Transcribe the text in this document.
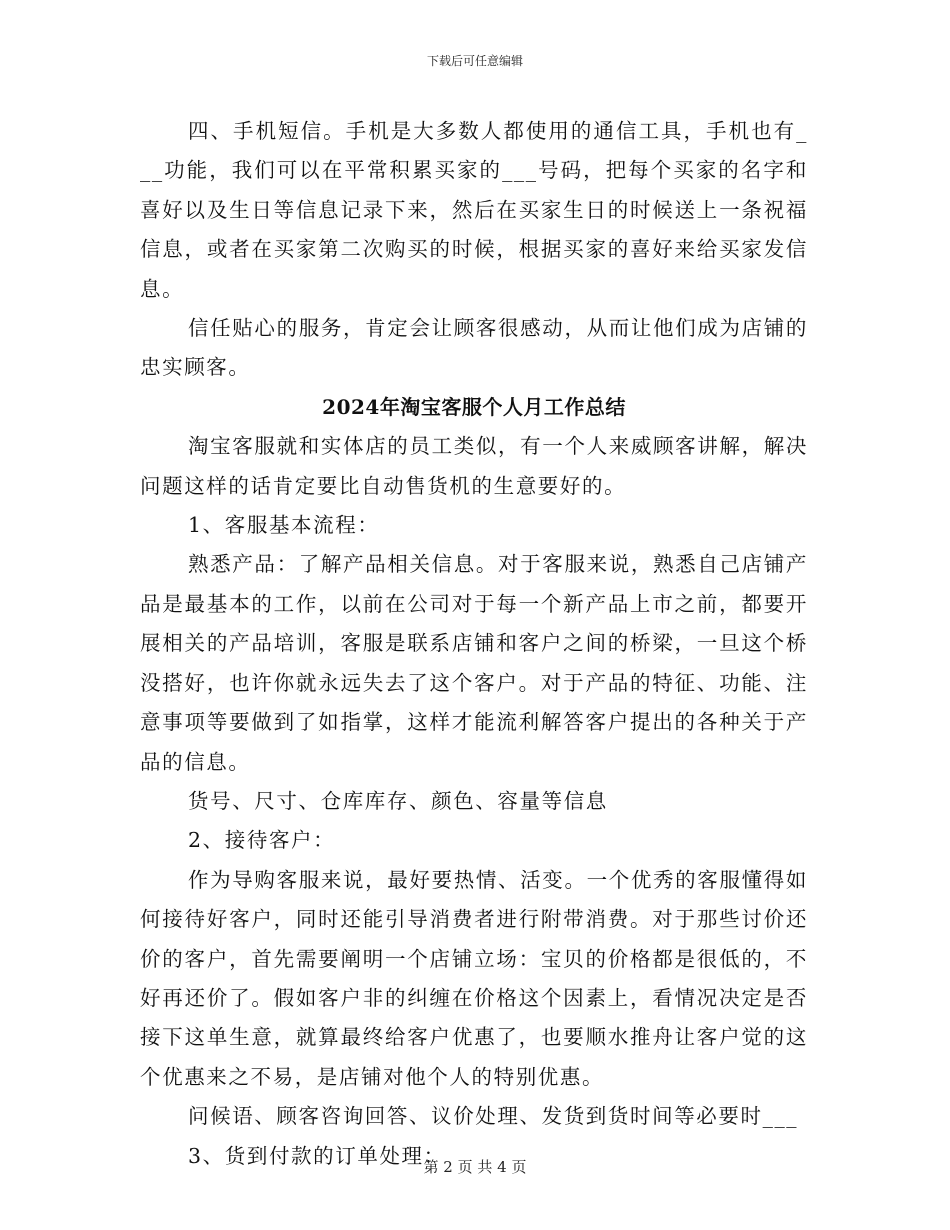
下载后可任意编辑

四、手机短信。手机是大多数人都使用的通信工具，手机也有___功能，我们可以在平常积累买家的___号码，把每个买家的名字和喜好以及生日等信息记录下来，然后在买家生日的时候送上一条祝福信息，或者在买家第二次购买的时候，根据买家的喜好来给买家发信息。

信任贴心的服务，肯定会让顾客很感动，从而让他们成为店铺的忠实顾客。

2024年淘宝客服个人月工作总结

淘宝客服就和实体店的员工类似，有一个人来威顾客讲解，解决问题这样的话肯定要比自动售货机的生意要好的。

1、客服基本流程：

熟悉产品：了解产品相关信息。对于客服来说，熟悉自己店铺产品是最基本的工作，以前在公司对于每一个新产品上市之前，都要开展相关的产品培训，客服是联系店铺和客户之间的桥梁，一旦这个桥没搭好，也许你就永远失去了这个客户。对于产品的特征、功能、注意事项等要做到了如指掌，这样才能流利解答客户提出的各种关于产品的信息。

货号、尺寸、仓库库存、颜色、容量等信息

2、接待客户：

作为导购客服来说，最好要热情、活变。一个优秀的客服懂得如何接待好客户，同时还能引导消费者进行附带消费。对于那些讨价还价的客户，首先需要阐明一个店铺立场：宝贝的价格都是很低的，不好再还价了。假如客户非的纠缠在价格这个因素上，看情况决定是否接下这单生意，就算最终给客户优惠了，也要顺水推舟让客户觉的这个优惠来之不易，是店铺对他个人的特别优惠。

问候语、顾客咨询回答、议价处理、发货到货时间等必要时___

3、货到付款的订单处理：

第 2 页 共 4 页
